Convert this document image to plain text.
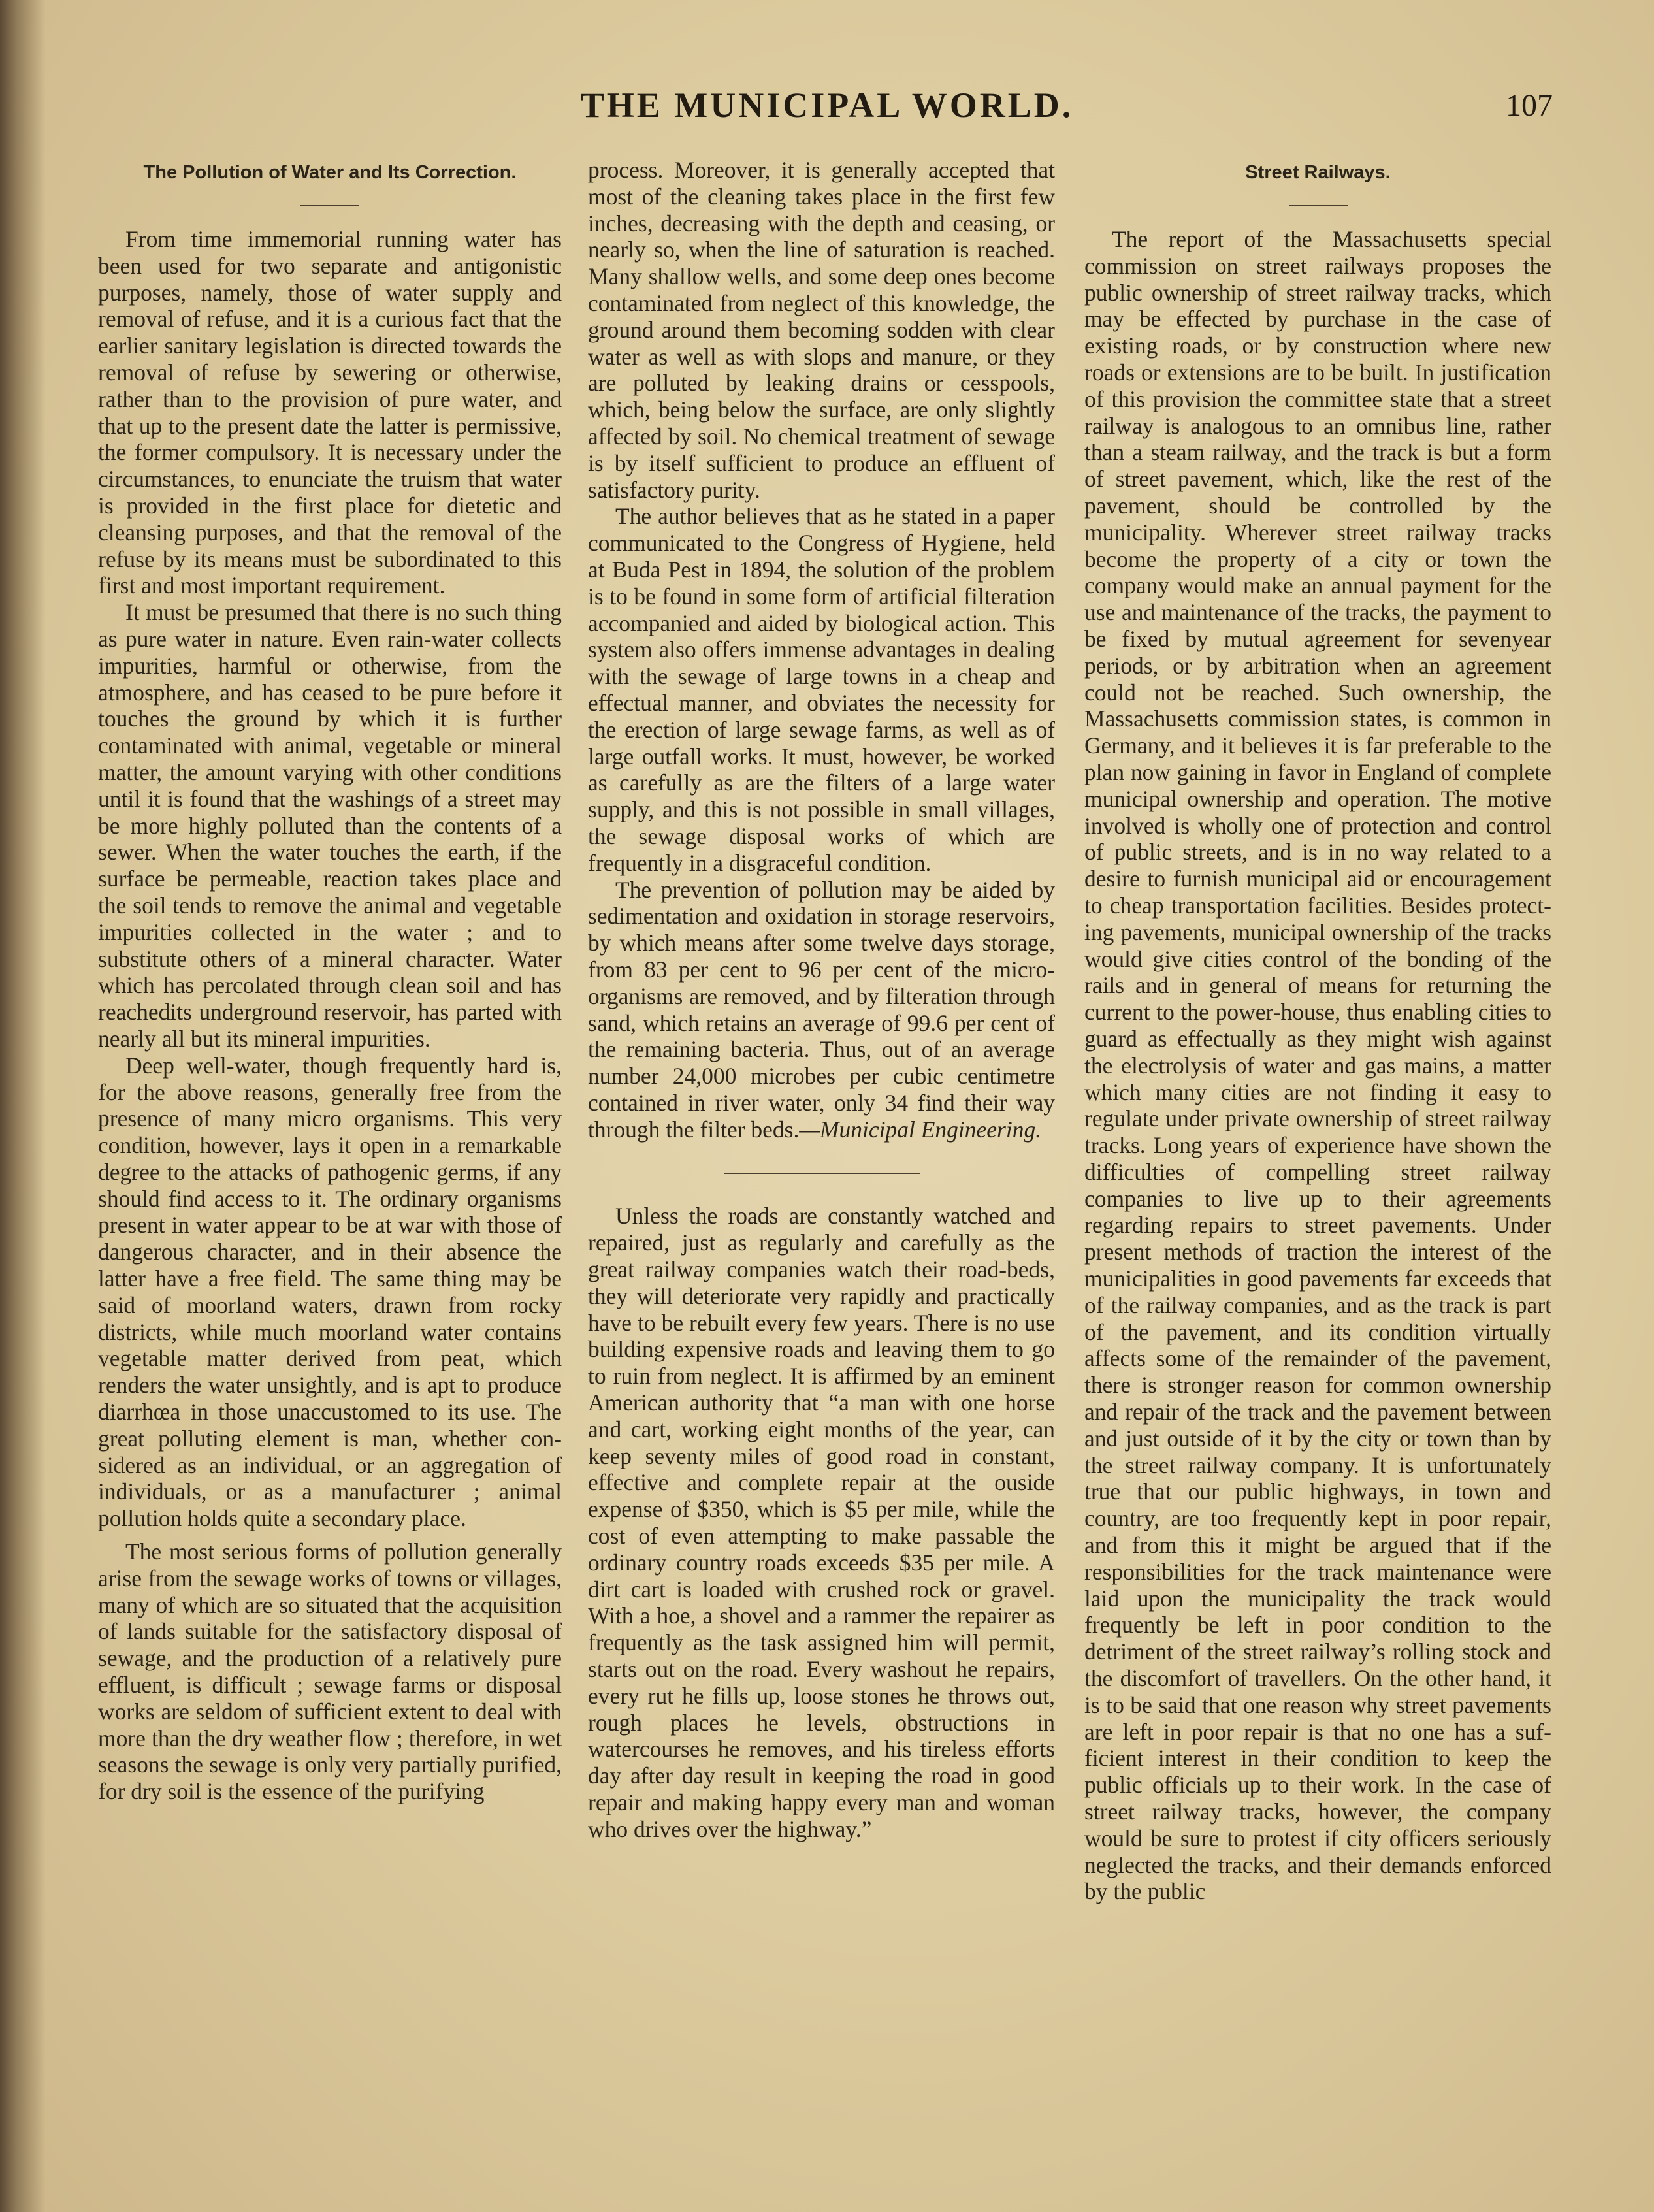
THE MUNICIPAL WORLD.	107
The Pollution of Water and Its Correction.

From time immemorial running water has been used for two separate and antigonistic purposes, namely, those of water supply and removal of refuse, and it is a curious fact that the earlier sanitary legislation is directed towards the removal of refuse by sewering or otherwise, rather than to the provision of pure water, and that up to the present date the latter is permissive, the former compulsory. It is necessary under the circumstances, to enunciate the truism that water is provided in the first place for dietetic and cleansing purposes, and that the removal of the refuse by its means must be subordinated to this first and most important requirement.

It must be presumed that there is no such thing as pure water in nature. Even rain-water collects impurities, harmful or otherwise, from the atmosphere, and has ceased to be pure before it touches the ground by which it is further contaminated with animal, vegetable or mineral matter, the amount varying with other conditions until it is found that the washings of a street may be more highly polluted than the contents of a sewer. When the water touches the earth, if the surface be permeable, reaction takes place and the soil tends to remove the animal and vegetable impurities collected in the water ; and to substitute others of a mineral character. Water which has percolated through clean soil and has reachedits underground reservoir, has parted with nearly all but its mineral impurities.

Deep well-water, though frequently hard is, for the above reasons, generally free from the presence of many micro organisms. This very condition, however, lays it open in a remarkable degree to the attacks of pathogenic germs, if any should find access to it. The ordinary organisms present in water appear to be at war with those of dangerous character, and in their absence the latter have a free field. The same thing may be said of moorland waters, drawn from rocky districts, while much moorland water contains vegetable matter derived from peat, which renders the water unsightly, and is apt to produce diarrhœa in those unaccustomed to its use. The great polluting element is man, whether considered as an individual, or an aggregation of individuals, or as a manufacturer ; animal pollution holds quite a secondary place.

The most serious forms of pollution generally arise from the sewage works of towns or villages, many of which are so situated that the acquisition of lands suitable for the satisfactory disposal of sewage, and the production of a relatively pure effluent, is difficult ; sewage farms or disposal works are seldom of sufficient extent to deal with more than the dry weather flow ; therefore, in wet seasons the sewage is only very partially purified, for dry soil is the essence of the purifying

process. Moreover, it is generally accepted that most of the cleaning takes place in the first few inches, decreasing with the depth and ceasing, or nearly so, when the line of saturation is reached. Many shallow wells, and some deep ones become contaminated from neglect of this knowledge, the ground around them becoming sodden with clear water as well as with slops and manure, or they are polluted by leaking drains or cesspools, which, being below the surface, are only slightly affected by soil. No chemical treatment of sewage is by itself sufficient to produce an effluent of satisfactory purity.

The author believes that as he stated in a paper communicated to the Congress of Hygiene, held at Buda Pest in 1894, the solution of the problem is to be found in some form of artificial filteration accompanied and aided by biological action. This system also offers immense advantages in dealing with the sewage of large towns in a cheap and effectual manner, and obviates the necessity for the erection of large sewage farms, as well as of large outfall works. It must, however, be worked as carefully as are the filters of a large water supply, and this is not possible in small villages, the sewage disposal works of which are frequently in a disgraceful condition.

The prevention of pollution may be aided by sedimentation and oxidation in storage reservoirs, by which means after some twelve days storage, from 83 per cent to 96 per cent of the micro-organisms are removed, and by filteration through sand, which retains an average of 99.6 per cent of the remaining bacteria. Thus, out of an average number 24,000 microbes per cubic centimetre contained in river water, only 34 find their way through the filter beds.—Municipal Engineering.

Unless the roads are constantly watched and repaired, just as regularly and carefully as the great railway companies watch their road-beds, they will deteriorate very rapidly and practically have to be rebuilt every few years. There is no use building expensive roads and leaving them to go to ruin from neglect. It is affirmed by an eminent American authority that “a man with one horse and cart, working eight months of the year, can keep seventy miles of good road in constant, effective and complete repair at the ouside expense of $350, which is $5 per mile, while the cost of even attempting to make passable the ordinary country roads exceeds $35 per mile. A dirt cart is loaded with crushed rock or gravel. With a hoe, a shovel and a rammer the repairer as frequently as the task assigned him will permit, starts out on the road. Every washout he repairs, every rut he fills up, loose stones he throws out, rough places he levels, obstructions in watercourses he removes, and his tireless efforts day after day result in keeping the road in good repair and making happy every man and woman who drives over the highway.”

Street Railways.

The report of the Massachusetts special commission on street railways proposes the public ownership of street railway tracks, which may be effected by purchase in the case of existing roads, or by construction where new roads or extensions are to be built. In justification of this provision the committee state that a street railway is analogous to an omnibus line, rather than a steam railway, and the track is but a form of street pavement, which, like the rest of the pavement, should be controlled by the municipality. Wherever street railway tracks become the property of a city or town the company would make an annual payment for the use and maintenance of the tracks, the payment to be fixed by mutual agreement for sevenyear periods, or by arbitration when an agreement could not be reached. Such ownership, the Massachusetts commission states, is common in Germany, and it believes it is far preferable to the plan now gaining in favor in England of complete municipal ownership and operation. The motive involved is wholly one of protection and control of public streets, and is in no way related to a desire to furnish municipal aid or encouragement to cheap transportation facilities. Besides protecting pavements, municipal ownership of the tracks would give cities control of the bonding of the rails and in general of means for returning the current to the power-house, thus enabling cities to guard as effectually as they might wish against the electrolysis of water and gas mains, a matter which many cities are not finding it easy to regulate under private ownership of street railway tracks. Long years of experience have shown the difficulties of compelling street railway companies to live up to their agreements regarding repairs to street pavements. Under present methods of traction the interest of the municipalities in good pavements far exceeds that of the railway companies, and as the track is part of the pavement, and its condition virtually affects some of the remainder of the pavement, there is stronger reason for common ownership and repair of the track and the pavement between and just outside of it by the city or town than by the street railway company. It is unfortunately true that our public highways, in town and country, are too frequently kept in poor repair, and from this it might be argued that if the responsibilities for the track maintenance were laid upon the municipality the track would frequently be left in poor condition to the detriment of the street railway’s rolling stock and the discomfort of travellers. On the other hand, it is to be said that one reason why street pavements are left in poor repair is that no one has a sufficient interest in their condition to keep the public officials up to their work. In the case of street railway tracks, however, the company would be sure to protest if city officers seriously neglected the tracks, and their demands enforced by the public
